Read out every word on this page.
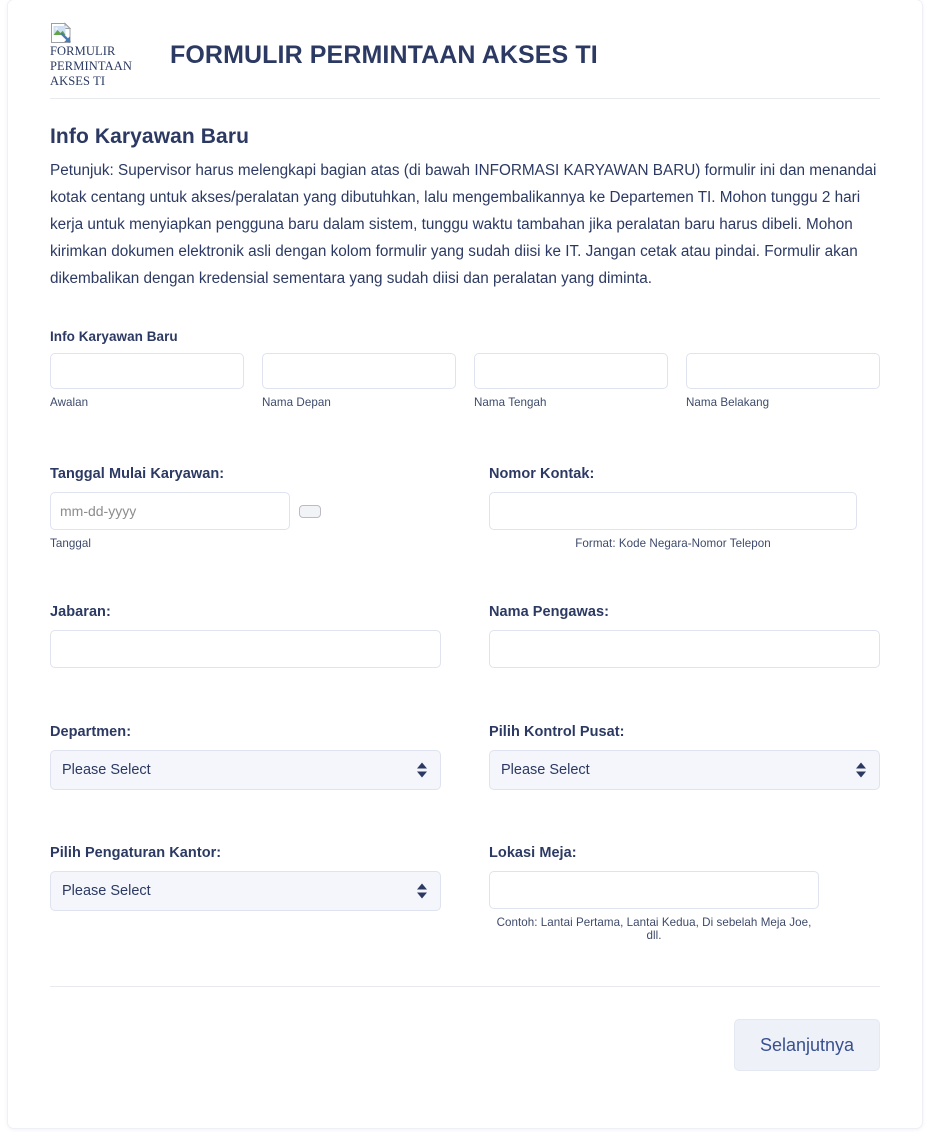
FORMULIR PERMINTAAN AKSES TI
FORMULIR PERMINTAAN AKSES TI
Info Karyawan Baru

Petunjuk: Supervisor harus melengkapi bagian atas (di bawah INFORMASI KARYAWAN BARU) formulir ini dan menandai kotak centang untuk akses/peralatan yang dibutuhkan, lalu mengembalikannya ke Departemen TI. Mohon tunggu 2 hari kerja untuk menyiapkan pengguna baru dalam sistem, tunggu waktu tambahan jika peralatan baru harus dibeli. Mohon kirimkan dokumen elektronik asli dengan kolom formulir yang sudah diisi ke IT. Jangan cetak atau pindai. Formulir akan dikembalikan dengan kredensial sementara yang sudah diisi dan peralatan yang diminta.

Info Karyawan Baru
Awalan	Nama Depan	Nama Tengah	Nama Belakang
Tanggal Mulai Karyawan:
mm-dd-yyyy
Tanggal
Nomor Kontak:
Format: Kode Negara-Nomor Telepon
Jabaran:	Nama Pengawas:
Departmen:
Please Select
Pilih Kontrol Pusat:
Please Select
Pilih Pengaturan Kantor:
Please Select
Lokasi Meja:
Contoh: Lantai Pertama, Lantai Kedua, Di sebelah Meja Joe, dll.
Selanjutnya
